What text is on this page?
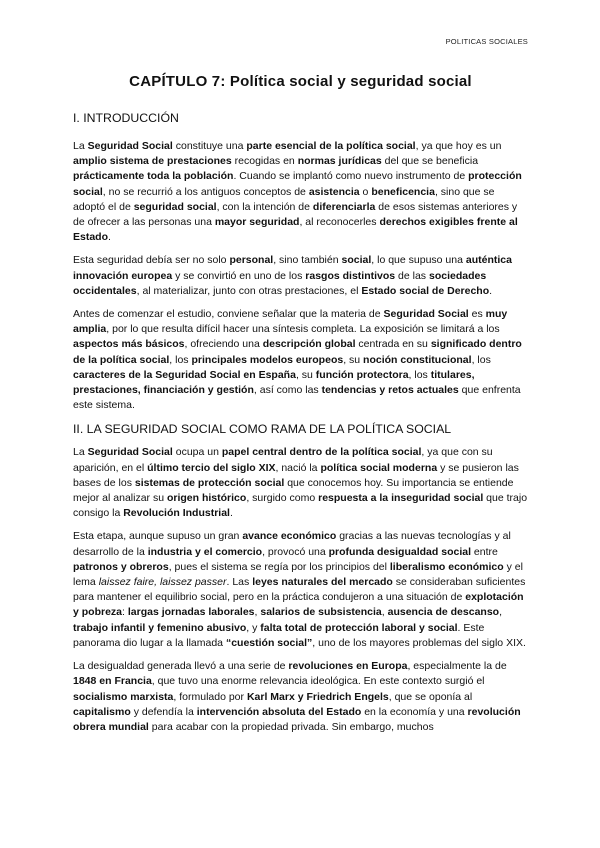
POLITICAS SOCIALES
CAPÍTULO 7: Política social y seguridad social
I. INTRODUCCIÓN

La Seguridad Social constituye una parte esencial de la política social, ya que hoy es un amplio sistema de prestaciones recogidas en normas jurídicas del que se beneficia prácticamente toda la población. Cuando se implantó como nuevo instrumento de protección social, no se recurrió a los antiguos conceptos de asistencia o beneficencia, sino que se adoptó el de seguridad social, con la intención de diferenciarla de esos sistemas anteriores y de ofrecer a las personas una mayor seguridad, al reconocerles derechos exigibles frente al Estado.

Esta seguridad debía ser no solo personal, sino también social, lo que supuso una auténtica innovación europea y se convirtió en uno de los rasgos distintivos de las sociedades occidentales, al materializar, junto con otras prestaciones, el Estado social de Derecho.

Antes de comenzar el estudio, conviene señalar que la materia de Seguridad Social es muy amplia, por lo que resulta difícil hacer una síntesis completa. La exposición se limitará a los aspectos más básicos, ofreciendo una descripción global centrada en su significado dentro de la política social, los principales modelos europeos, su noción constitucional, los caracteres de la Seguridad Social en España, su función protectora, los titulares, prestaciones, financiación y gestión, así como las tendencias y retos actuales que enfrenta este sistema.

II. LA SEGURIDAD SOCIAL COMO RAMA DE LA POLÍTICA SOCIAL

La Seguridad Social ocupa un papel central dentro de la política social, ya que con su aparición, en el último tercio del siglo XIX, nació la política social moderna y se pusieron las bases de los sistemas de protección social que conocemos hoy. Su importancia se entiende mejor al analizar su origen histórico, surgido como respuesta a la inseguridad social que trajo consigo la Revolución Industrial.

Esta etapa, aunque supuso un gran avance económico gracias a las nuevas tecnologías y al desarrollo de la industria y el comercio, provocó una profunda desigualdad social entre patronos y obreros, pues el sistema se regía por los principios del liberalismo económico y el lema laissez faire, laissez passer. Las leyes naturales del mercado se consideraban suficientes para mantener el equilibrio social, pero en la práctica condujeron a una situación de explotación y pobreza: largas jornadas laborales, salarios de subsistencia, ausencia de descanso, trabajo infantil y femenino abusivo, y falta total de protección laboral y social. Este panorama dio lugar a la llamada “cuestión social”, uno de los mayores problemas del siglo XIX.

La desigualdad generada llevó a una serie de revoluciones en Europa, especialmente la de 1848 en Francia, que tuvo una enorme relevancia ideológica. En este contexto surgió el socialismo marxista, formulado por Karl Marx y Friedrich Engels, que se oponía al capitalismo y defendía la intervención absoluta del Estado en la economía y una revolución obrera mundial para acabar con la propiedad privada. Sin embargo, muchos
